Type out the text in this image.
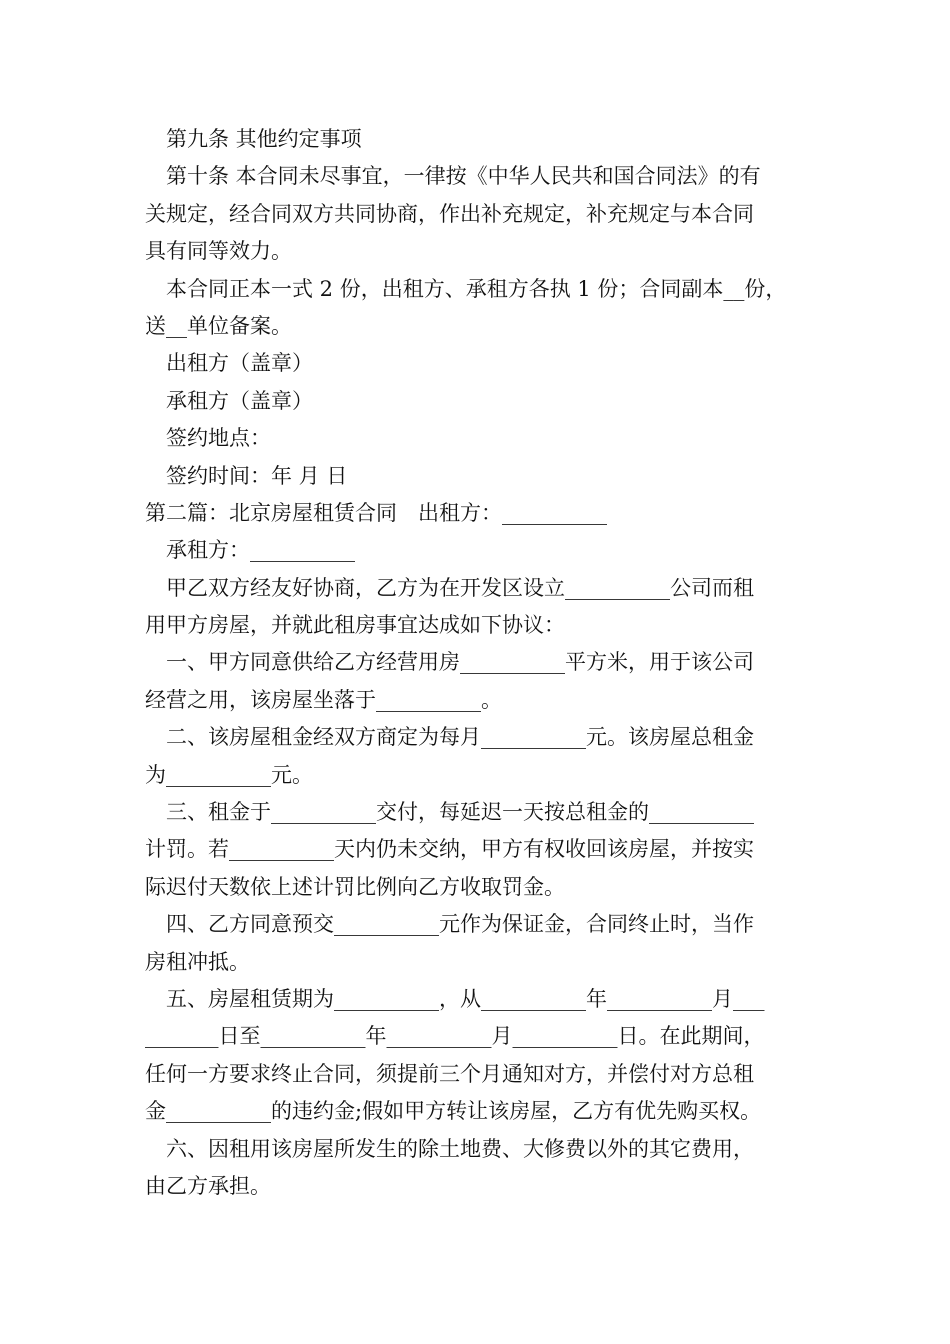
第九条 其他约定事项
第十条 本合同未尽事宜，一律按《中华人民共和国合同法》的有
关规定，经合同双方共同协商，作出补充规定，补充规定与本合同
具有同等效力。
本合同正本一式 2 份，出租方、承租方各执 1 份；合同副本__份，
送__单位备案。
出租方（盖章）
承租方（盖章）
签约地点：
签约时间：年 月 日
第二篇：北京房屋租赁合同　出租方：__________
承租方：__________
甲乙双方经友好协商，乙方为在开发区设立__________公司而租
用甲方房屋，并就此租房事宜达成如下协议：
一、甲方同意供给乙方经营用房__________平方米，用于该公司
经营之用，该房屋坐落于__________。
二、该房屋租金经双方商定为每月__________元。该房屋总租金
为__________元。
三、租金于__________交付，每延迟一天按总租金的__________
计罚。若__________天内仍未交纳，甲方有权收回该房屋，并按实
际迟付天数依上述计罚比例向乙方收取罚金。
四、乙方同意预交__________元作为保证金，合同终止时，当作
房租冲抵。
五、房屋租赁期为__________，从__________年__________月___
_______日至__________年__________月__________日。在此期间，
任何一方要求终止合同，须提前三个月通知对方，并偿付对方总租
金__________的违约金;假如甲方转让该房屋，乙方有优先购买权。
六、因租用该房屋所发生的除土地费、大修费以外的其它费用，
由乙方承担。
